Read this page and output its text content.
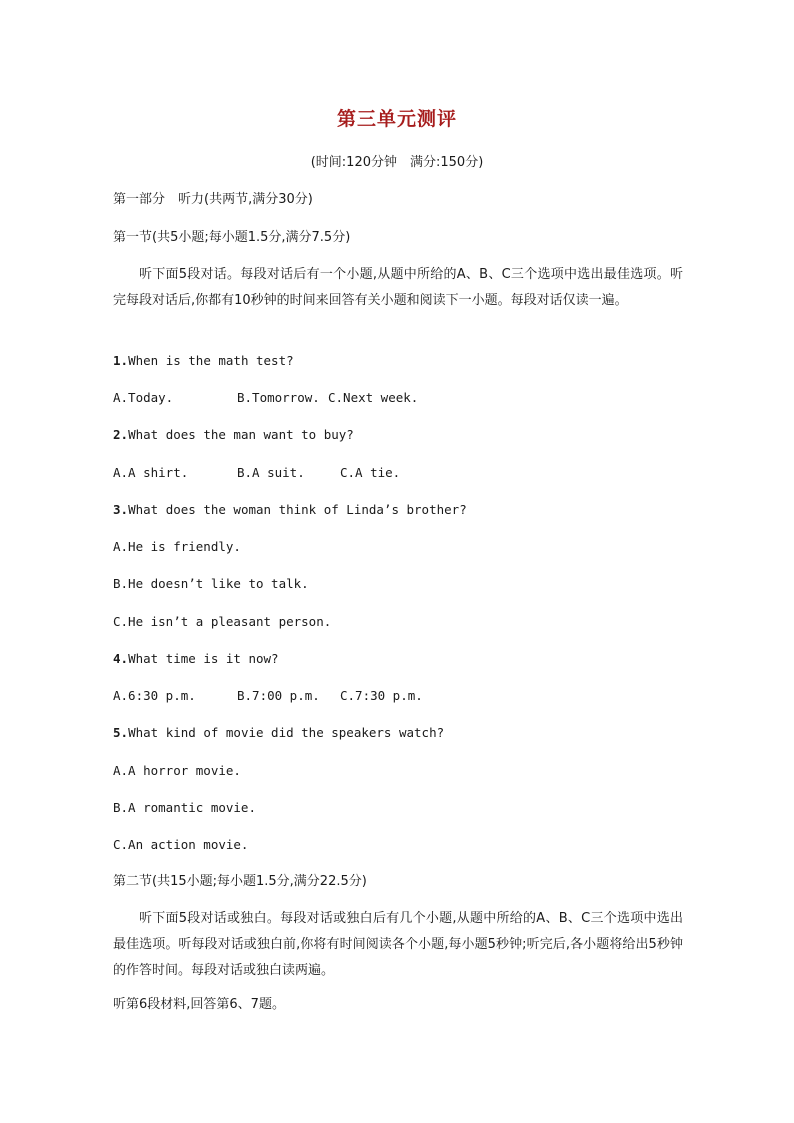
第三单元测评
(时间:120分钟　满分:150分)
第一部分　听力(共两节,满分30分)
第一节(共5小题;每小题1.5分,满分7.5分)
听下面5段对话。每段对话后有一个小题,从题中所给的A、B、C三个选项中选出最佳选项。听完每段对话后,你都有10秒钟的时间来回答有关小题和阅读下一小题。每段对话仅读一遍。
1.When is the math test?
A.Today.	B.Tomorrow. C.Next week.
2.What does the man want to buy?
A.A shirt.	B.A suit.	C.A tie.
3.What does the woman think of Linda’s brother?
A.He is friendly.
B.He doesn’t like to talk.
C.He isn’t a pleasant person.
4.What time is it now?
A.6:30 p.m.	B.7:00 p.m. C.7:30 p.m.
5.What kind of movie did the speakers watch?
A.A horror movie.
B.A romantic movie.
C.An action movie.
第二节(共15小题;每小题1.5分,满分22.5分)
听下面5段对话或独白。每段对话或独白后有几个小题,从题中所给的A、B、C三个选项中选出最佳选项。听每段对话或独白前,你将有时间阅读各个小题,每小题5秒钟;听完后,各小题将给出5秒钟的作答时间。每段对话或独白读两遍。
听第6段材料,回答第6、7题。
